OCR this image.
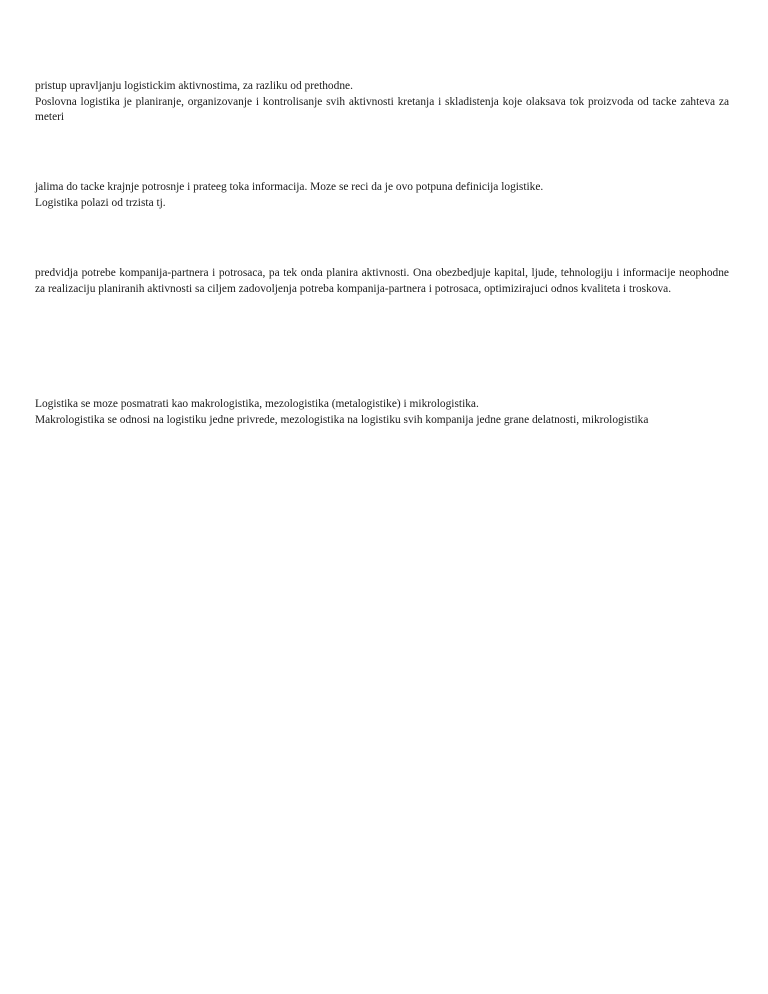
pristup upravljanju logistickim aktivnostima, za razliku od prethodne.
Poslovna logistika je planiranje, organizovanje i kontrolisanje svih aktivnosti kretanja i skladistenja koje olaksava tok proizvoda od tacke zahteva za meteri
jalima do tacke krajnje potrosnje i prateeg toka informacija. Moze se reci da je ovo potpuna definicija logistike.
Logistika polazi od trzista tj.
predvidja potrebe kompanija-partnera i potrosaca, pa tek onda planira aktivnosti. Ona obezbedjuje kapital, ljude, tehnologiju i informacije neophodne za realizaciju planiranih aktivnosti sa ciljem zadovoljenja potreba kompanija-partnera i potrosaca, optimizirajuci odnos kvaliteta i troskova.
Logistika se moze posmatrati kao makrologistika, mezologistika (metalogistike) i mikrologistika.
Makrologistika se odnosi na logistiku jedne privrede, mezologistika na logistiku svih kompanija jedne grane delatnosti, mikrologistika
